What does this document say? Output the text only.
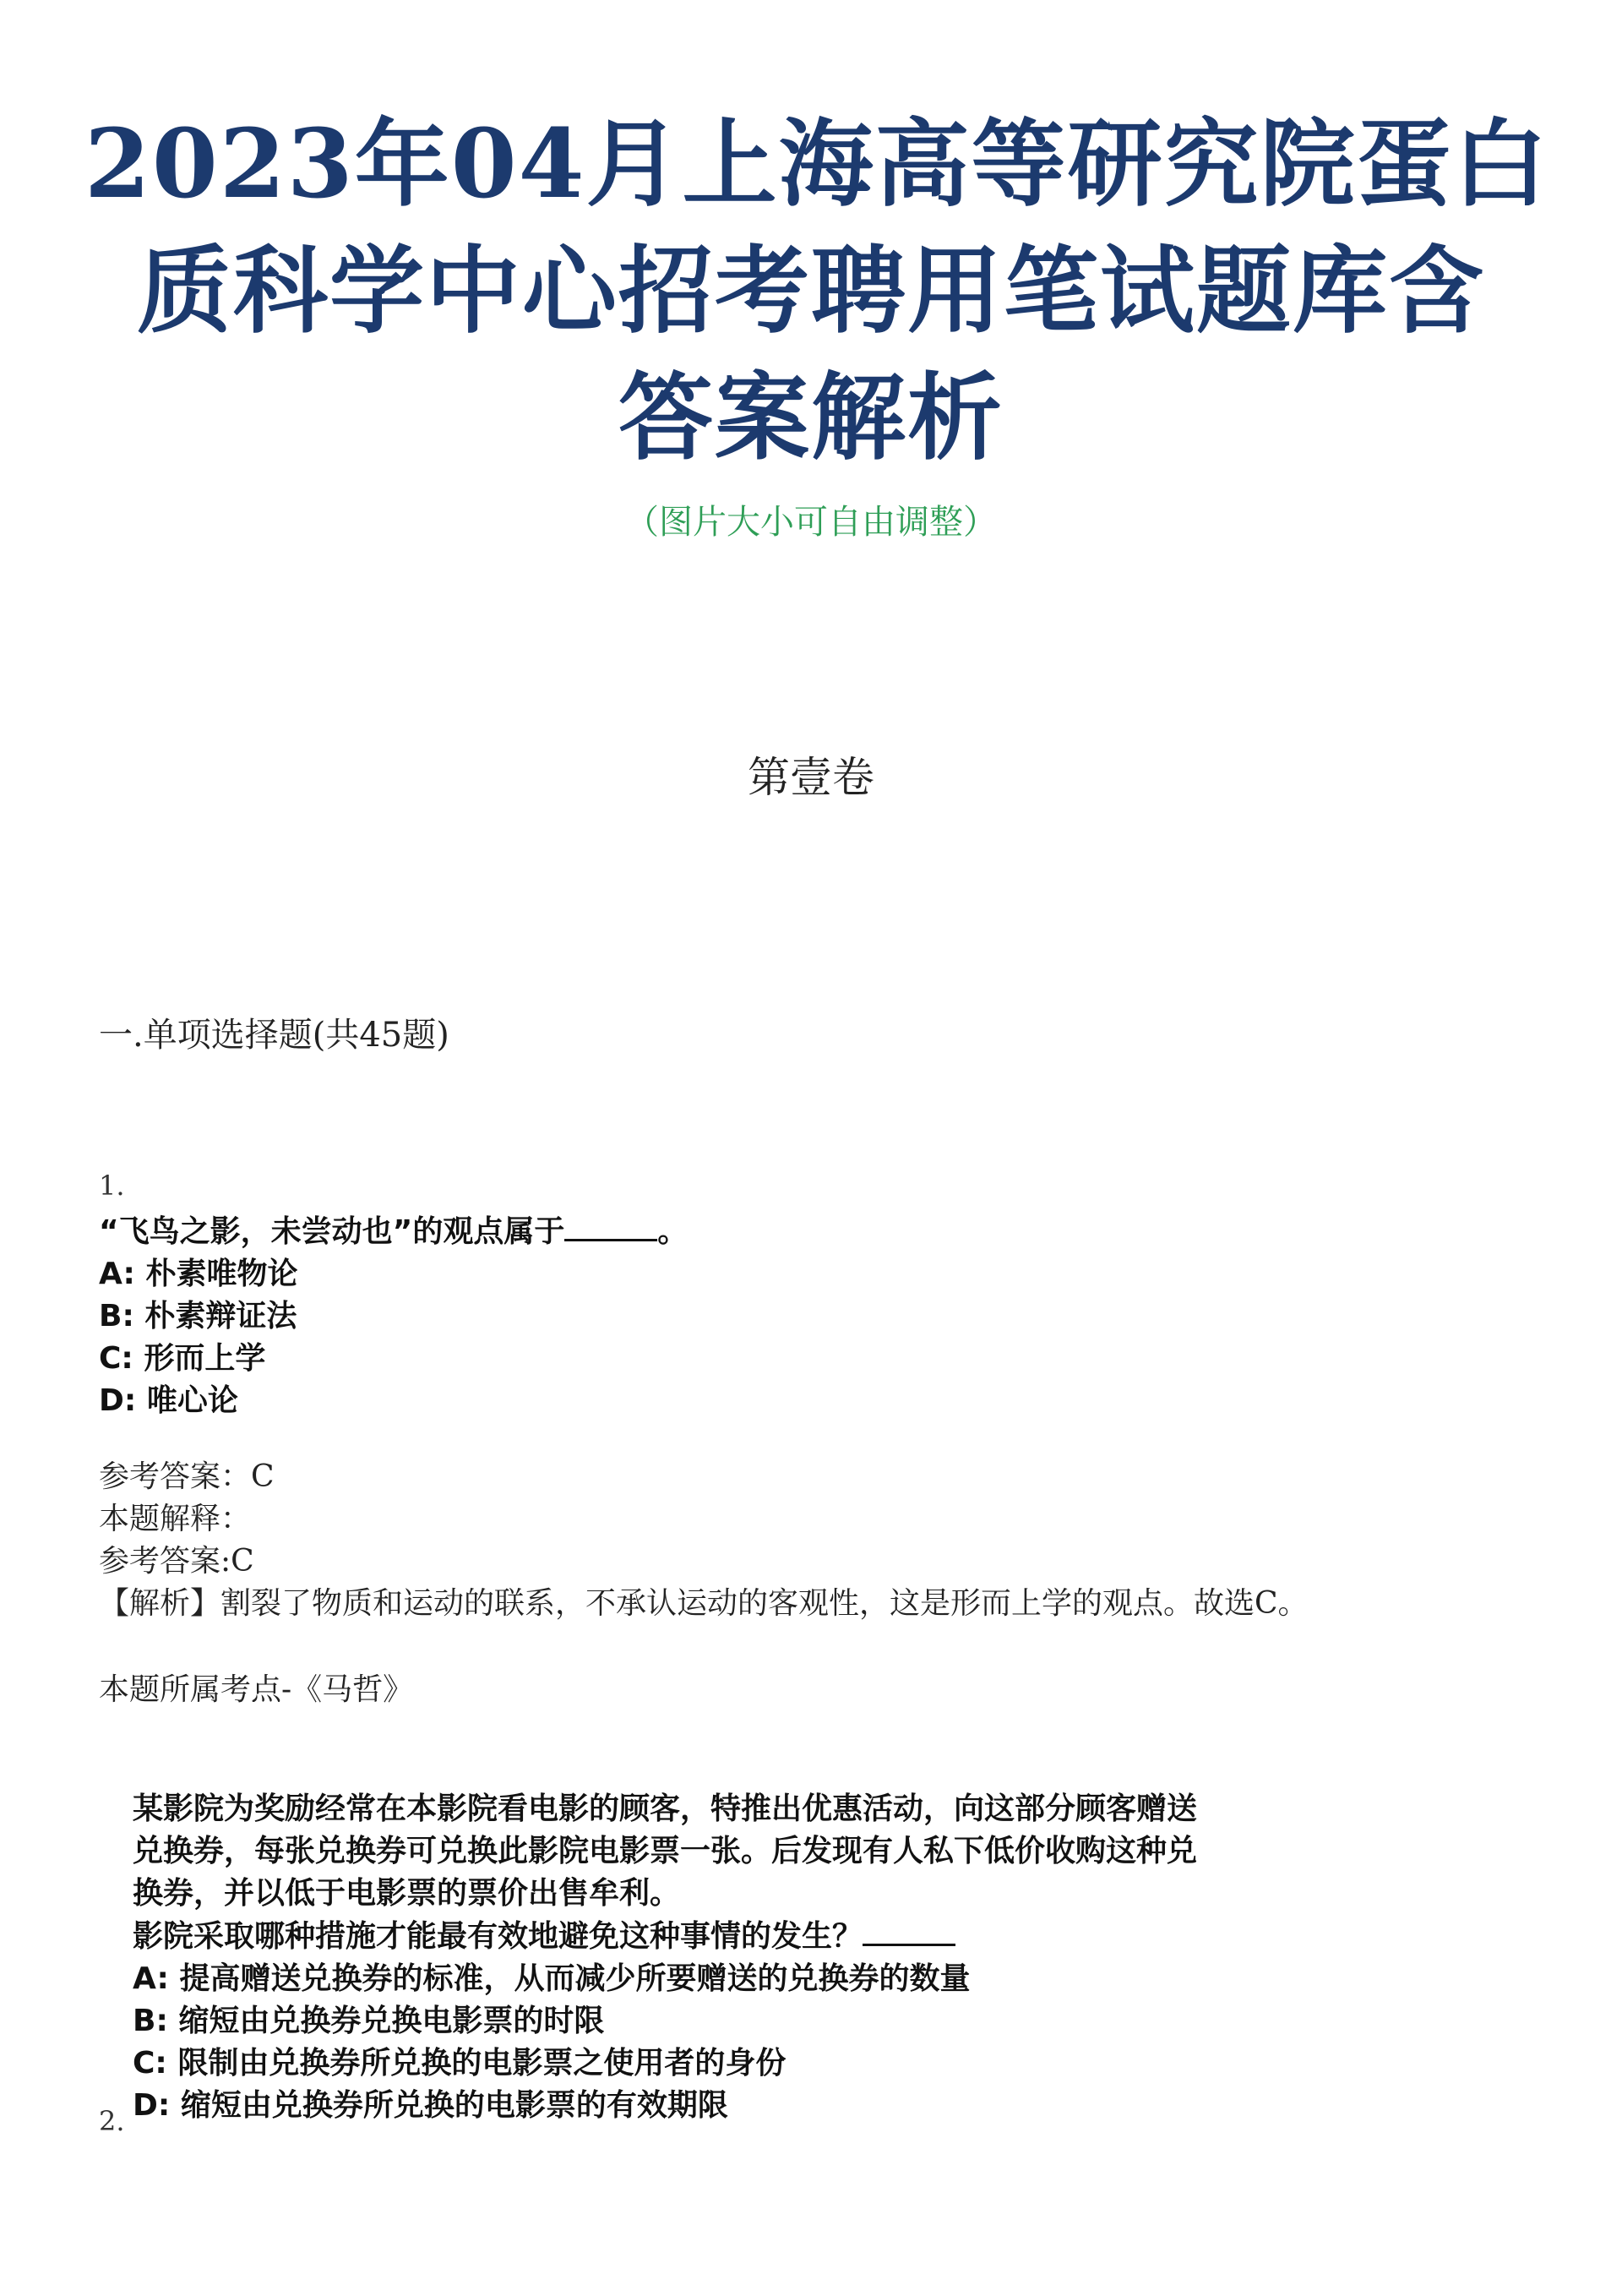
2023年04月上海高等研究院蛋白
质科学中心招考聘用笔试题库含
答案解析
（图片大小可自由调整）
第壹卷
一.单项选择题(共45题)
1.
“飞鸟之影，未尝动也”的观点属于	。
A: 朴素唯物论
B: 朴素辩证法
C: 形而上学
D: 唯心论
参考答案：C
本题解释：
参考答案:C
【解析】割裂了物质和运动的联系，不承认运动的客观性，这是形而上学的观点。故选C。
本题所属考点-《马哲》
某影院为奖励经常在本影院看电影的顾客，特推出优惠活动，向这部分顾客赠送
兑换券，每张兑换券可兑换此影院电影票一张。后发现有人私下低价收购这种兑
换券，并以低于电影票的票价出售牟利。
影院采取哪种措施才能最有效地避免这种事情的发生？
A: 提高赠送兑换券的标准，从而减少所要赠送的兑换券的数量
B: 缩短由兑换券兑换电影票的时限
C: 限制由兑换券所兑换的电影票之使用者的身份
D: 缩短由兑换券所兑换的电影票的有效期限
2.
